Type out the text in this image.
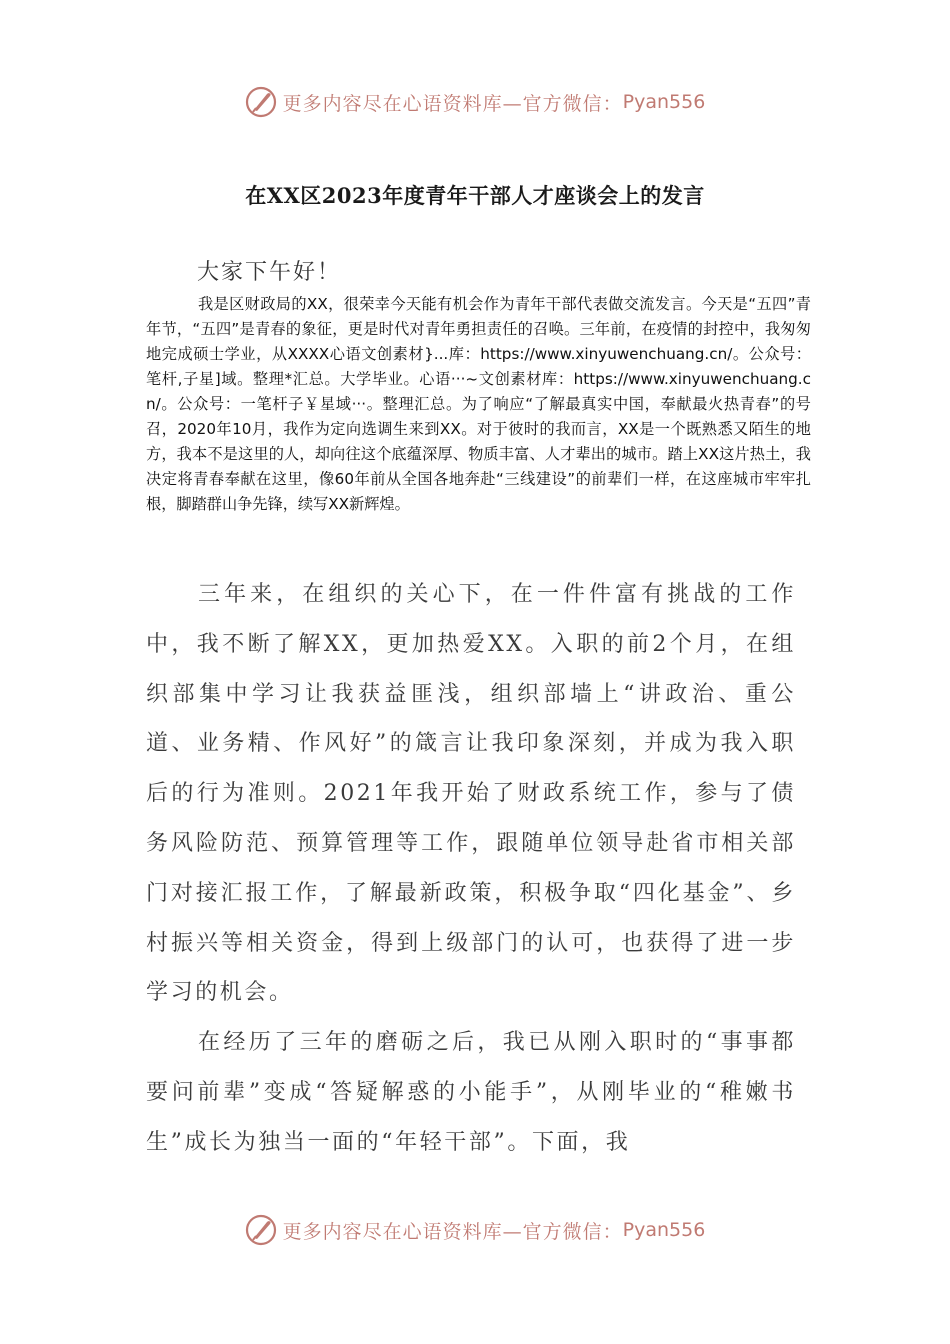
更多内容尽在心语资料库—官方微信： Pyan556
在XX区2023年度青年干部人才座谈会上的发言
大家下午好！

我是区财政局的XX，很荣幸今天能有机会作为青年干部代表做交流发言。今天是“五四”青年节，“五四”是青春的象征，更是时代对青年勇担责任的召唤。三年前，在疫情的封控中，我匆匆地完成硕士学业，从XXXX心语文创素材}...库：https://www.xinyuwenchuang.cn/。公众号：笔杆,子星]域。整理*汇总。大学毕业。心语···~文创素材库：https://www.xinyuwenchuang.cn/。公众号：一笔杆子￥星域···。整理汇总。为了响应“了解最真实中国，奉献最火热青春”的号召，2020年10月，我作为定向选调生来到XX。对于彼时的我而言，XX是一个既熟悉又陌生的地方，我本不是这里的人，却向往这个底蕴深厚、物质丰富、人才辈出的城市。踏上XX这片热土，我决定将青春奉献在这里，像60年前从全国各地奔赴“三线建设”的前辈们一样，在这座城市牢牢扎根，脚踏群山争先锋，续写XX新辉煌。

三年来，在组织的关心下，在一件件富有挑战的工作中，我不断了解XX，更加热爱XX。入职的前2个月，在组织部集中学习让我获益匪浅，组织部墙上“讲政治、重公道、业务精、作风好”的箴言让我印象深刻，并成为我入职后的行为准则。2021年我开始了财政系统工作，参与了债务风险防范、预算管理等工作，跟随单位领导赴省市相关部门对接汇报工作，了解最新政策，积极争取“四化基金”、乡村振兴等相关资金，得到上级部门的认可，也获得了进一步学习的机会。

在经历了三年的磨砺之后，我已从刚入职时的“事事都要问前辈”变成“答疑解惑的小能手”，从刚毕业的“稚嫩书生”成长为独当一面的“年轻干部”。下面，我

更多内容尽在心语资料库—官方微信： Pyan556
